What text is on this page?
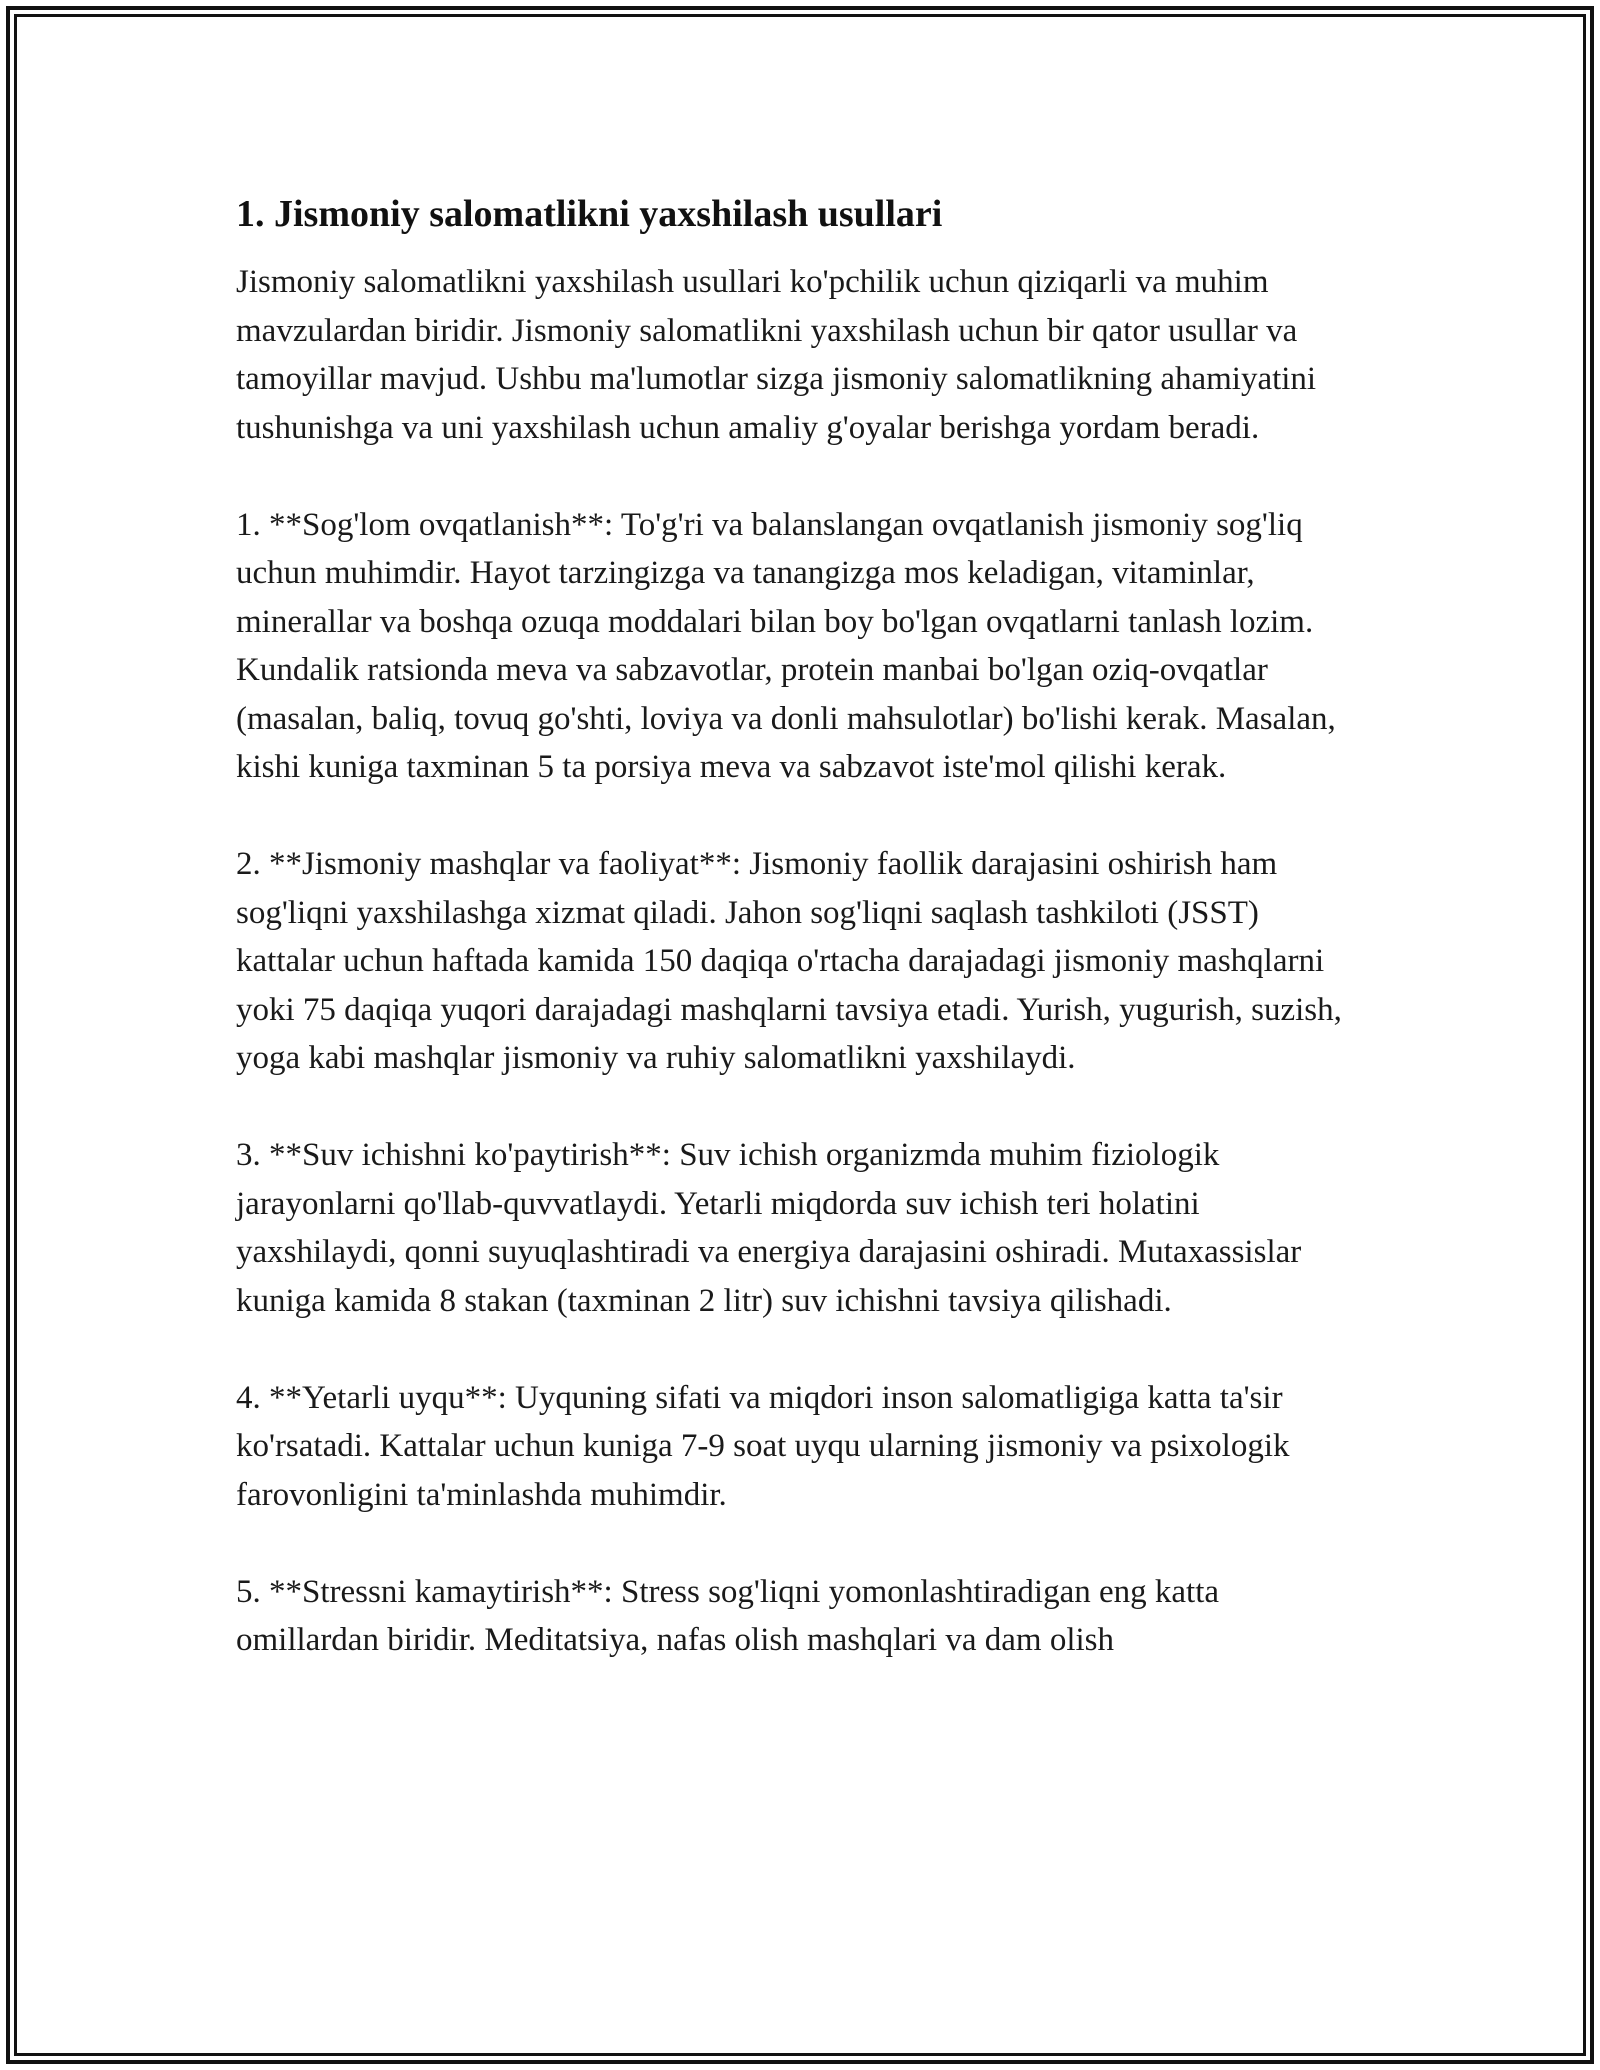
1. Jismoniy salomatlikni yaxshilash usullari

Jismoniy salomatlikni yaxshilash usullari ko'pchilik uchun qiziqarli va muhim mavzulardan biridir. Jismoniy salomatlikni yaxshilash uchun bir qator usullar va tamoyillar mavjud. Ushbu ma'lumotlar sizga jismoniy salomatlikning ahamiyatini tushunishga va uni yaxshilash uchun amaliy g'oyalar berishga yordam beradi.

1. **Sog'lom ovqatlanish**: To'g'ri va balanslangan ovqatlanish jismoniy sog'liq uchun muhimdir. Hayot tarzingizga va tanangizga mos keladigan, vitaminlar, minerallar va boshqa ozuqa moddalari bilan boy bo'lgan ovqatlarni tanlash lozim. Kundalik ratsionda meva va sabzavotlar, protein manbai bo'lgan oziq-ovqatlar (masalan, baliq, tovuq go'shti, loviya va donli mahsulotlar) bo'lishi kerak. Masalan, kishi kuniga taxminan 5 ta porsiya meva va sabzavot iste'mol qilishi kerak.

2. **Jismoniy mashqlar va faoliyat**: Jismoniy faollik darajasini oshirish ham sog'liqni yaxshilashga xizmat qiladi. Jahon sog'liqni saqlash tashkiloti (JSST) kattalar uchun haftada kamida 150 daqiqa o'rtacha darajadagi jismoniy mashqlarni yoki 75 daqiqa yuqori darajadagi mashqlarni tavsiya etadi. Yurish, yugurish, suzish, yoga kabi mashqlar jismoniy va ruhiy salomatlikni yaxshilaydi.

3. **Suv ichishni ko'paytirish**: Suv ichish organizmda muhim fiziologik jarayonlarni qo'llab-quvvatlaydi. Yetarli miqdorda suv ichish teri holatini yaxshilaydi, qonni suyuqlashtiradi va energiya darajasini oshiradi. Mutaxassislar kuniga kamida 8 stakan (taxminan 2 litr) suv ichishni tavsiya qilishadi.

4. **Yetarli uyqu**: Uyquning sifati va miqdori inson salomatligiga katta ta'sir ko'rsatadi. Kattalar uchun kuniga 7-9 soat uyqu ularning jismoniy va psixologik farovonligini ta'minlashda muhimdir.

5. **Stressni kamaytirish**: Stress sog'liqni yomonlashtiradigan eng katta omillardan biridir. Meditatsiya, nafas olish mashqlari va dam olish
